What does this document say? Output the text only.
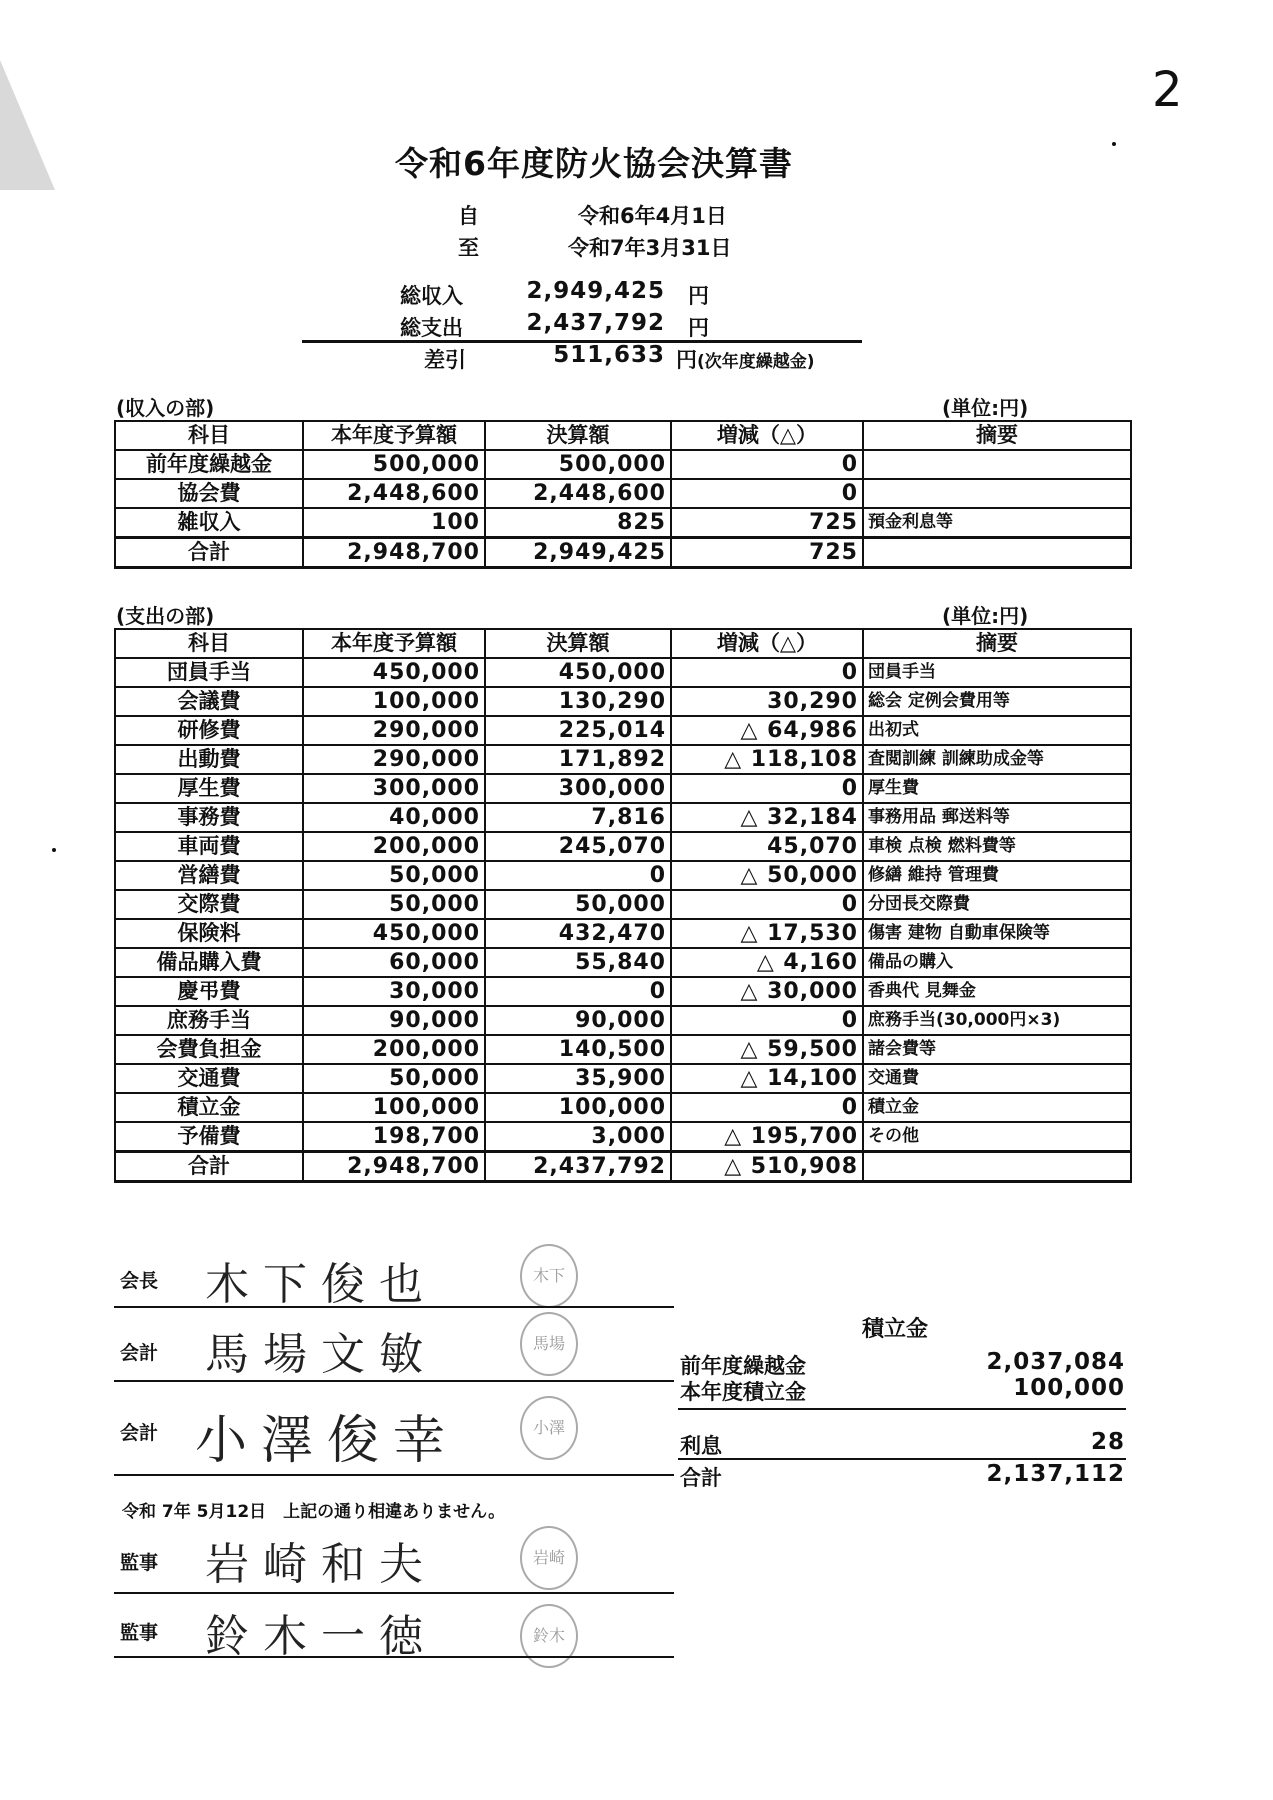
2
令和6年度防火協会決算書
自	令和6年4月1日
至	令和7年3月31日
総収入	2,949,425 円
総支出	2,437,792 円
差引	511,633 円(次年度繰越金)
(収入の部)	(単位:円)
科目	本年度予算額	決算額	増減（△）	摘要
前年度繰越金	500,000	500,000	0	
協会費	2,448,600	2,448,600	0	
雑収入	100	825	725	預金利息等
合計	2,948,700	2,949,425	725	
(支出の部)	(単位:円)
科目	本年度予算額	決算額	増減（△）	摘要
団員手当	450,000	450,000	0	団員手当
会議費	100,000	130,290	30,290	総会 定例会費用等
研修費	290,000	225,014	△ 64,986	出初式
出動費	290,000	171,892	△ 118,108	査閲訓練 訓練助成金等
厚生費	300,000	300,000	0	厚生費
事務費	40,000	7,816	△ 32,184	事務用品 郵送料等
車両費	200,000	245,070	45,070	車検 点検 燃料費等
営繕費	50,000	0	△ 50,000	修繕 維持 管理費
交際費	50,000	50,000	0	分団長交際費
保険料	450,000	432,470	△ 17,530	傷害 建物 自動車保険等
備品購入費	60,000	55,840	△ 4,160	備品の購入
慶弔費	30,000	0	△ 30,000	香典代 見舞金
庶務手当	90,000	90,000	0	庶務手当(30,000円×3)
会費負担金	200,000	140,500	△ 59,500	諸会費等
交通費	50,000	35,900	△ 14,100	交通費
積立金	100,000	100,000	0	積立金
予備費	198,700	3,000	△ 195,700	その他
合計	2,948,700	2,437,792	△ 510,908	
会長 木下俊也	木下
会計 馬場文敏	馬場
会計 小澤俊幸	小澤
令和 7年 5月12日　上記の通り相違ありません。
監事 岩崎和夫	岩崎
監事 鈴木一徳	鈴木
積立金
前年度繰越金	2,037,084
本年度積立金	100,000
利息	28
合計	2,137,112
